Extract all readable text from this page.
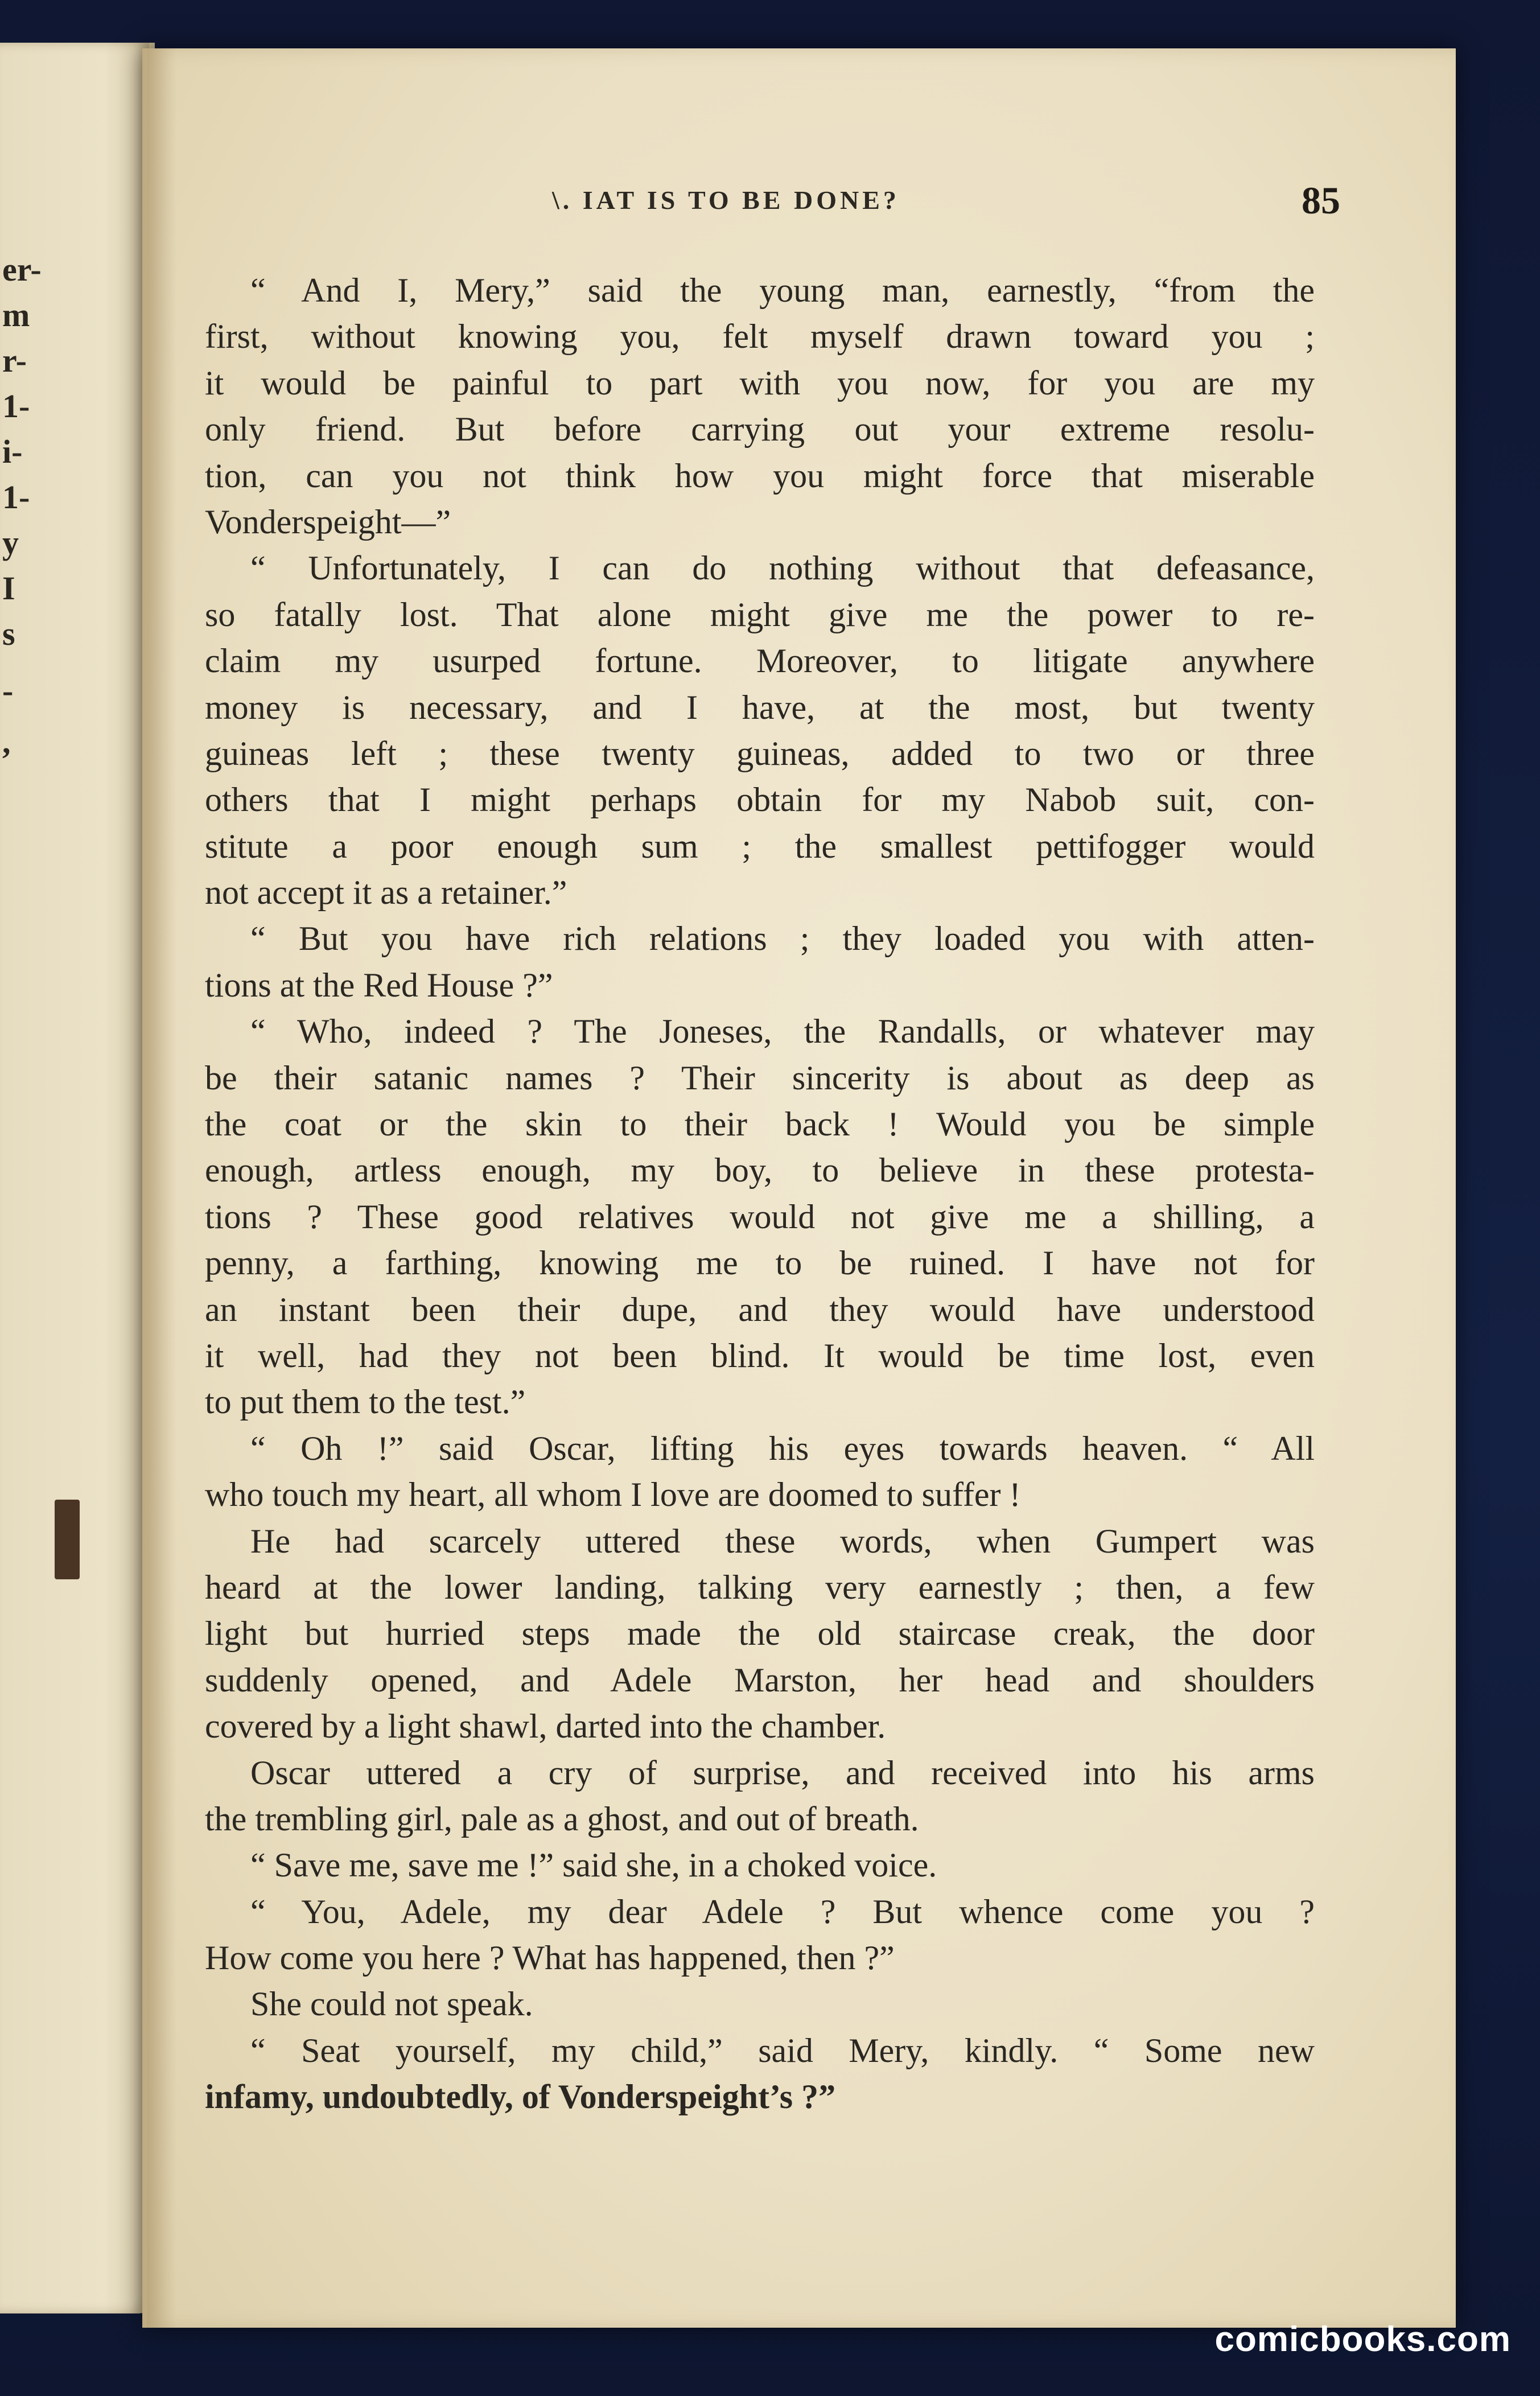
er-
m
r-
1-
i-
1-
y
I
s
-
,
\. IAT IS TO BE DONE?	85
“ And I, Mery,” said the young man, earnestly, “from the
first, without knowing you, felt myself drawn toward you ;
it would be painful to part with you now, for you are my
only friend. But before carrying out your extreme resolu-
tion, can you not think how you might force that miserable
Vonderspeight—”
“ Unfortunately, I can do nothing without that defeasance,
so fatally lost. That alone might give me the power to re-
claim my usurped fortune. Moreover, to litigate anywhere
money is necessary, and I have, at the most, but twenty
guineas left ; these twenty guineas, added to two or three
others that I might perhaps obtain for my Nabob suit, con-
stitute a poor enough sum ; the smallest pettifogger would
not accept it as a retainer.”
“ But you have rich relations ; they loaded you with atten-
tions at the Red House ?”
“ Who, indeed ? The Joneses, the Randalls, or whatever may
be their satanic names ? Their sincerity is about as deep as
the coat or the skin to their back ! Would you be simple
enough, artless enough, my boy, to believe in these protesta-
tions ? These good relatives would not give me a shilling, a
penny, a farthing, knowing me to be ruined. I have not for
an instant been their dupe, and they would have understood
it well, had they not been blind. It would be time lost, even
to put them to the test.”
“ Oh !” said Oscar, lifting his eyes towards heaven. “ All
who touch my heart, all whom I love are doomed to suffer !
He had scarcely uttered these words, when Gumpert was
heard at the lower landing, talking very earnestly ; then, a few
light but hurried steps made the old staircase creak, the door
suddenly opened, and Adele Marston, her head and shoulders
covered by a light shawl, darted into the chamber.
Oscar uttered a cry of surprise, and received into his arms
the trembling girl, pale as a ghost, and out of breath.
“ Save me, save me !” said she, in a choked voice.
“ You, Adele, my dear Adele ? But whence come you ?
How come you here ? What has happened, then ?”
She could not speak.
“ Seat yourself, my child,” said Mery, kindly. “ Some new
infamy, undoubtedly, of Vonderspeight’s ?”
comicbooks.com
